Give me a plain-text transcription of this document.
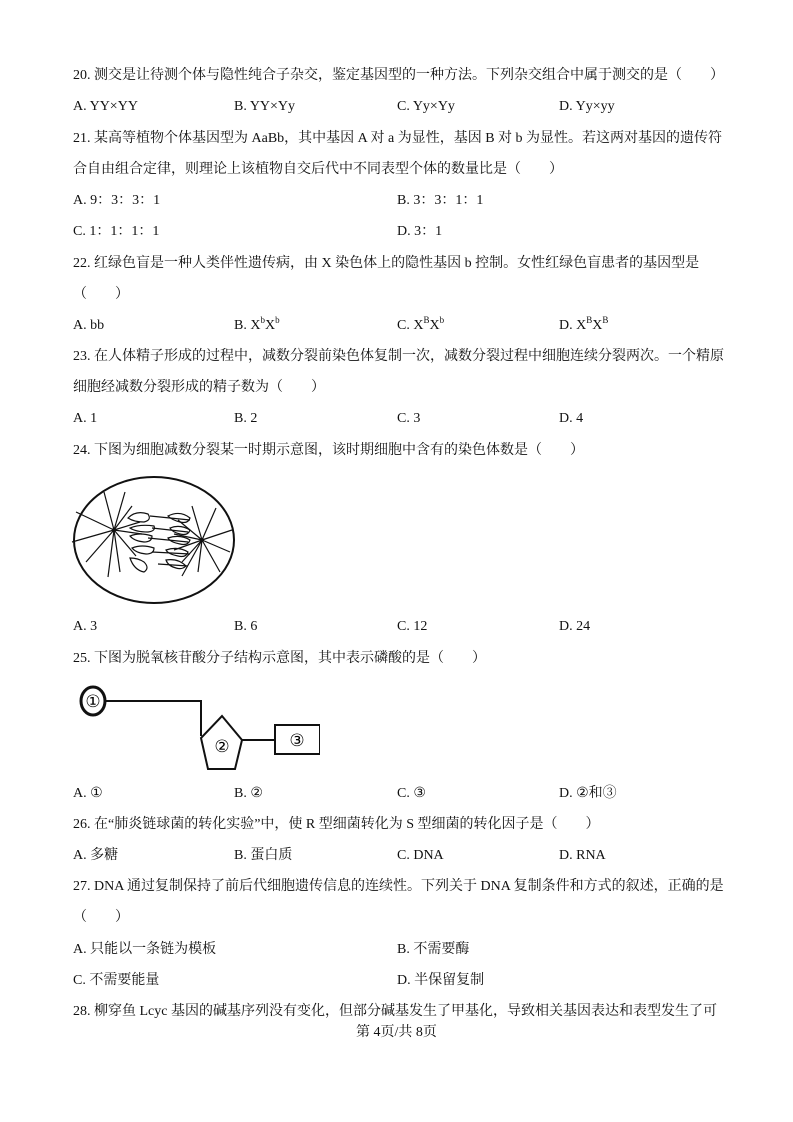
20. 测交是让待测个体与隐性纯合子杂交，鉴定基因型的一种方法。下列杂交组合中属于测交的是（　　）
A. YY×YY	B. YY×Yy	C. Yy×Yy	D. Yy×yy
21. 某高等植物个体基因型为 AaBb，其中基因 A 对 a 为显性，基因 B 对 b 为显性。若这两对基因的遗传符
合自由组合定律，则理论上该植物自交后代中不同表型个体的数量比是（　　）
A. 9：3：3：1	B. 3：3：1：1
C. 1：1：1：1	D. 3：1
22. 红绿色盲是一种人类伴性遗传病，由 X 染色体上的隐性基因 b 控制。女性红绿色盲患者的基因型是
（　　）
A. bb	B. $X^bX^b$	C. $X^BX^b$	D. $X^BX^B$
23. 在人体精子形成的过程中，减数分裂前染色体复制一次，减数分裂过程中细胞连续分裂两次。一个精原
细胞经减数分裂形成的精子数为（　　）
A. 1	B. 2	C. 3	D. 4
24. 下图为细胞减数分裂某一时期示意图，该时期细胞中含有的染色体数是（　　）
A. 3	B. 6	C. 12	D. 24
25. 下图为脱氧核苷酸分子结构示意图，其中表示磷酸的是（　　）
①
②	③
A. ①	B. ②	C. ③	D. ②和③
26. 在“肺炎链球菌的转化实验”中，使 R 型细菌转化为 S 型细菌的转化因子是（　　）
A. 多糖	B. 蛋白质	C. DNA	D. RNA
27. DNA 通过复制保持了前后代细胞遗传信息的连续性。下列关于 DNA 复制条件和方式的叙述，正确的是
（　　）
A. 只能以一条链为模板	B. 不需要酶
C. 不需要能量	D. 半保留复制
28. 柳穿鱼 Lcyc 基因的碱基序列没有变化，但部分碱基发生了甲基化，导致相关基因表达和表型发生了可
第 4页/共 8页
